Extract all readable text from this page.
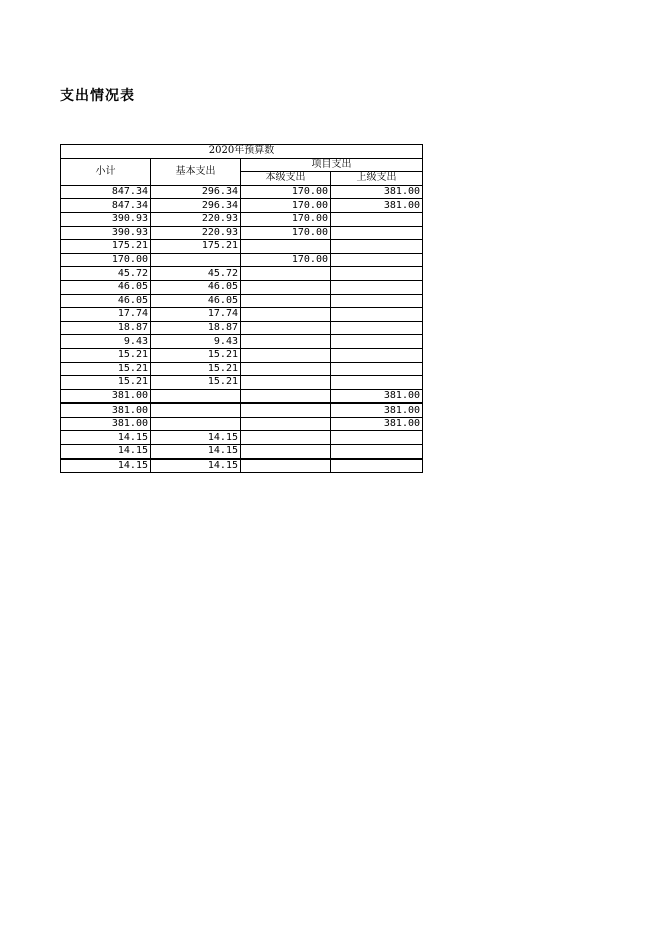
支出情况表
2020年预算数			
小计	基本支出	项目支出	
		本级支出	上级支出
847.34	296.34	170.00	381.00
847.34	296.34	170.00	381.00
390.93	220.93	170.00	
390.93	220.93	170.00	
175.21	175.21		
170.00		170.00	
45.72	45.72		
46.05	46.05		
46.05	46.05		
17.74	17.74		
18.87	18.87		
9.43	9.43		
15.21	15.21		
15.21	15.21		
15.21	15.21		
381.00			381.00
381.00			381.00
381.00			381.00
14.15	14.15		
14.15	14.15		
14.15	14.15		
